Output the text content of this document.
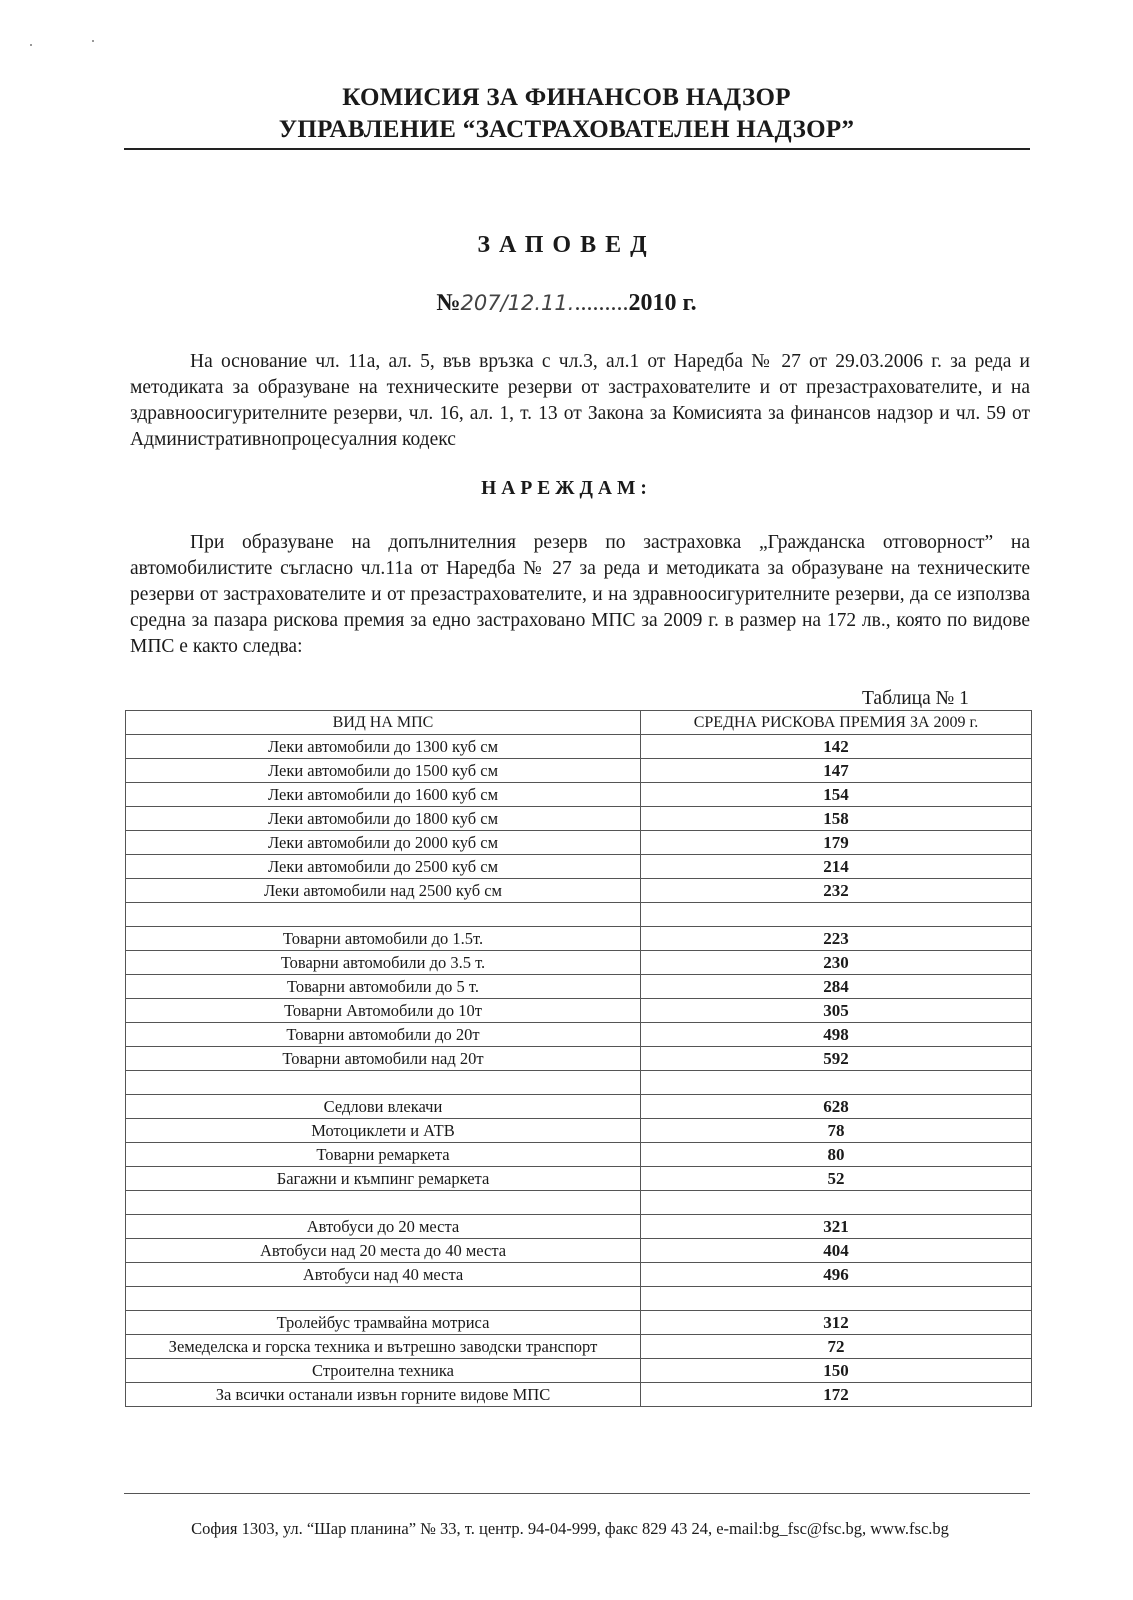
КОМИСИЯ ЗА ФИНАНСОВ НАДЗОР
УПРАВЛЕНИЕ “ЗАСТРАХОВАТЕЛЕН НАДЗОР”
ЗАПОВЕД
№207/12.11..........2010 г.
На основание чл. 11а, ал. 5, във връзка с чл.3, ал.1 от Наредба № 27 от 29.03.2006 г. за реда и методиката за образуване на техническите резерви от застрахователите и от презастрахователите, и на здравноосигурителните резерви, чл. 16, ал. 1, т. 13 от Закона за Комисията за финансов надзор и чл. 59 от Административнопроцесуалния кодекс
НАРЕЖДАМ:
При образуване на допълнителния резерв по застраховка „Гражданска отговорност” на автомобилистите съгласно чл.11а от Наредба № 27 за реда и методиката за образуване на техническите резерви от застрахователите и от презастрахователите, и на здравноосигурителните резерви, да се използва средна за пазара рискова премия за едно застраховано МПС за 2009 г. в размер на 172 лв., която по видове МПС е както следва:
Таблица № 1
ВИД НА МПС	СРЕДНА РИСКОВА ПРЕМИЯ ЗА 2009 г.
Леки автомобили до 1300 куб см	142
Леки автомобили до 1500 куб см	147
Леки автомобили до 1600 куб см	154
Леки автомобили до 1800 куб см	158
Леки автомобили до 2000 куб см	179
Леки автомобили до 2500 куб см	214
Леки автомобили над 2500 куб см	232

Товарни автомобили до 1.5т.	223
Товарни автомобили до 3.5 т.	230
Товарни автомобили до 5 т.	284
Товарни Автомобили до 10т	305
Товарни автомобили до 20т	498
Товарни автомобили над 20т	592

Седлови влекачи	628
Мотоциклети и АТВ	78
Товарни ремаркета	80
Багажни и къмпинг ремаркета	52

Автобуси до 20 места	321
Автобуси над 20 места до 40 места	404
Автобуси над 40 места	496

Тролейбус трамвайна мотриса	312
Земеделска и горска техника и вътрешно заводски транспорт	72
Строителна техника	150
За всички останали извън горните видове МПС	172
София 1303, ул. “Шар планина” № 33, т. центр. 94-04-999, факс 829 43 24, e-mail:bg_fsc@fsc.bg, www.fsc.bg
